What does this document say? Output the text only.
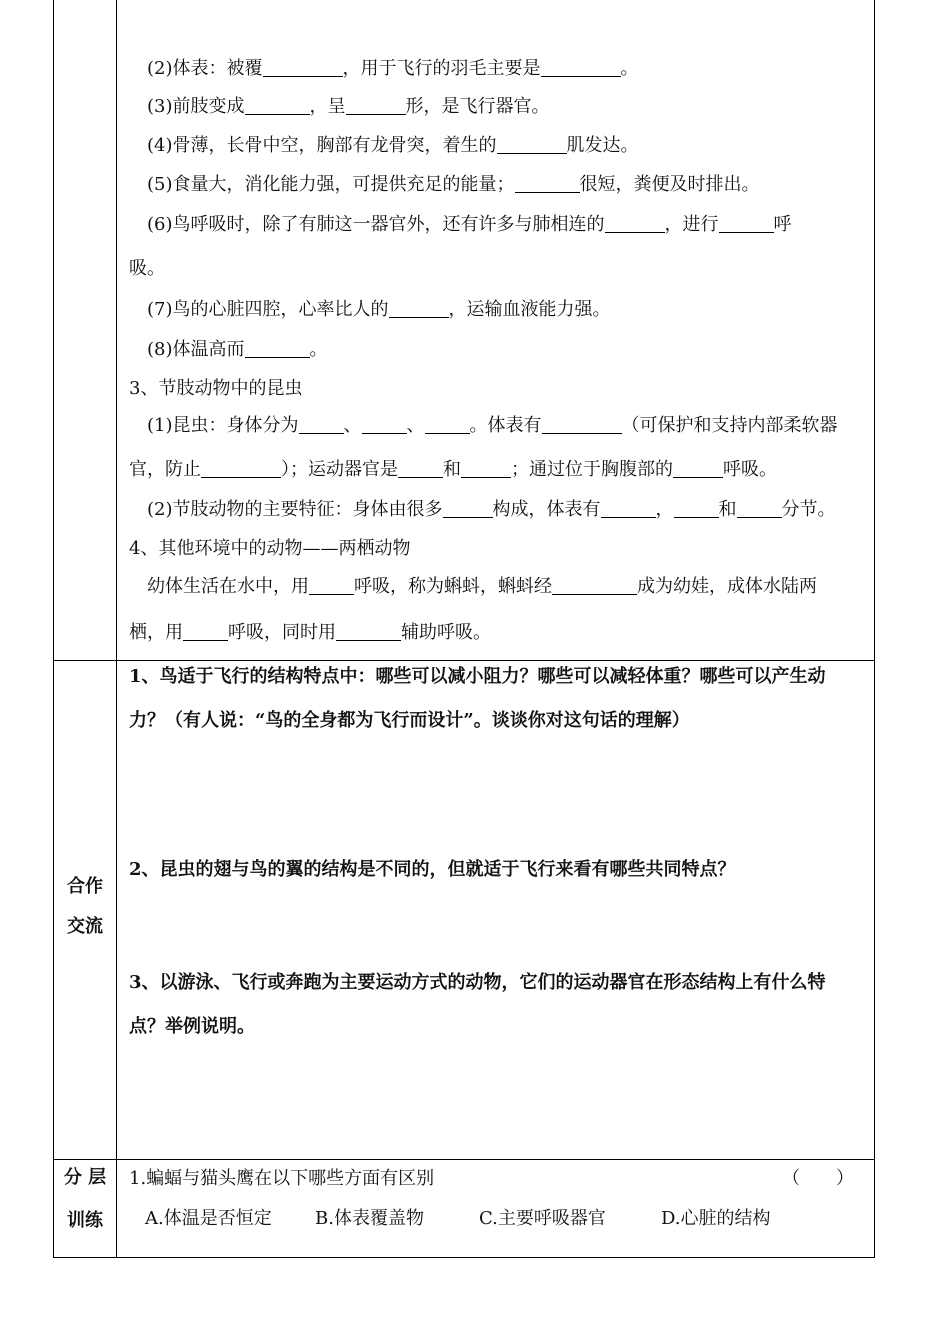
(2)体表：被覆	，用于飞行的羽毛主要是	。
(3)前肢变成	，呈	形，是飞行器官。
(4)骨薄，长骨中空，胸部有龙骨突，着生的	肌发达。
(5)食量大，消化能力强，可提供充足的能量；	很短，粪便及时排出。
(6)鸟呼吸时，除了有肺这一器官外，还有许多与肺相连的	，进行	呼
吸。
(7)鸟的心脏四腔，心率比人的	，运输血液能力强。
(8)体温高而	。
3、节肢动物中的昆虫
(1)昆虫：身体分为	、	、	。体表有	（可保护和支持内部柔软器
官，防止	）；运动器官是	和	；通过位于胸腹部的	呼吸。
(2)节肢动物的主要特征：身体由很多	构成，体表有	，	和	分节。
4、其他环境中的动物——两栖动物
幼体生活在水中，用	呼吸，称为蝌蚪，蝌蚪经	成为幼娃，成体水陆两
栖，用	呼吸，同时用	辅助呼吸。
合作
交流
1、鸟适于飞行的结构特点中：哪些可以减小阻力？哪些可以减轻体重？哪些可以产生动
力？（有人说：“鸟的全身都为飞行而设计”。谈谈你对这句话的理解）
2、昆虫的翅与鸟的翼的结构是不同的，但就适于飞行来看有哪些共同特点？
3、以游泳、飞行或奔跑为主要运动方式的动物，它们的运动器官在形态结构上有什么特
点？举例说明。
分 层
训练
1.蝙蝠与猫头鹰在以下哪些方面有区别	（　　）
A.体温是否恒定 B.体表覆盖物	C.主要呼吸器官	D.心脏的结构
